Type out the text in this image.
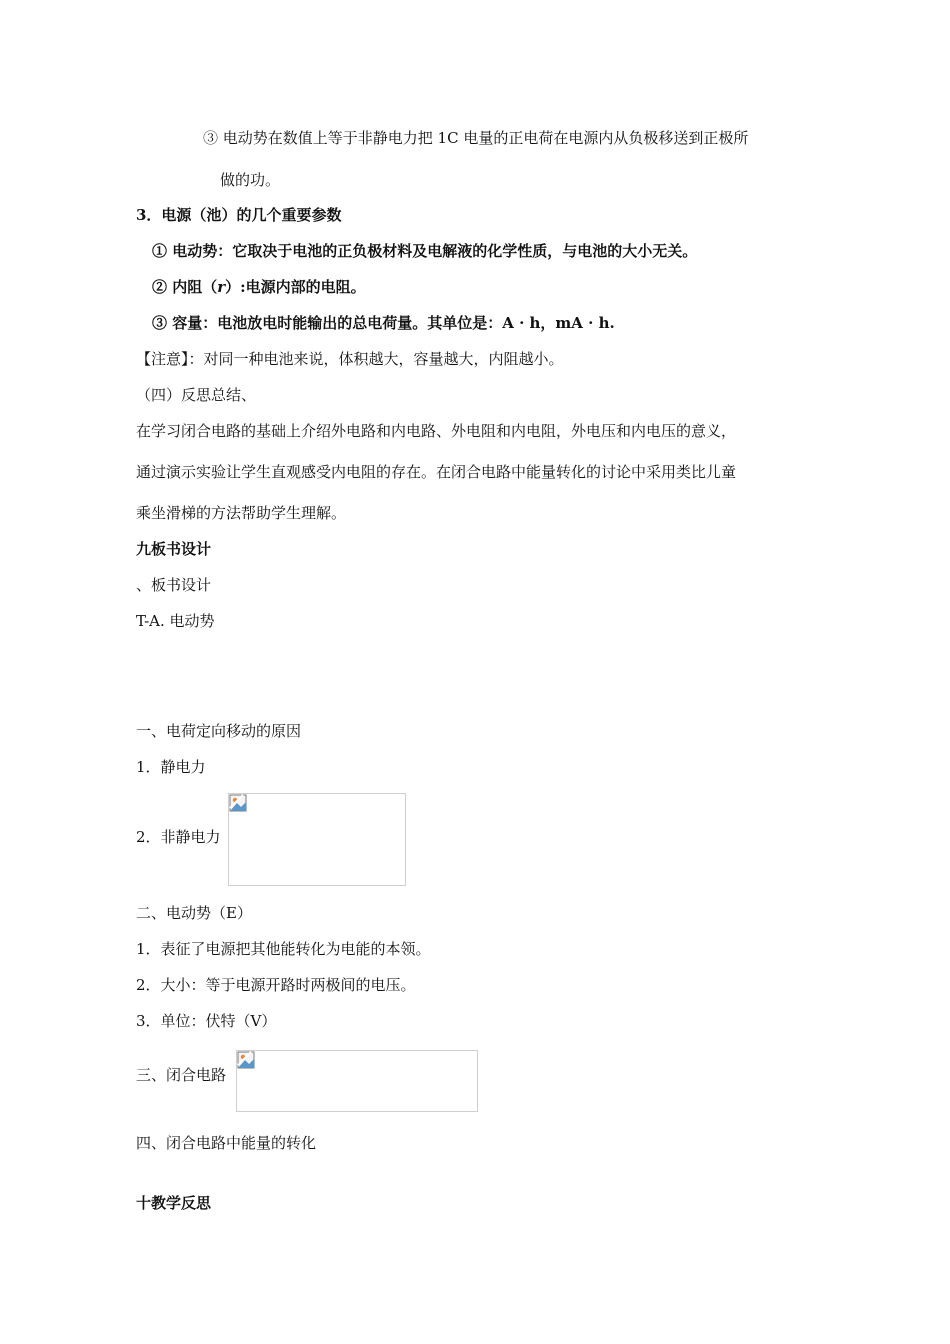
③ 电动势在数值上等于非静电力把 1C 电量的正电荷在电源内从负极移送到正极所
做的功。
3．电源（池）的几个重要参数
① 电动势：它取决于电池的正负极材料及电解液的化学性质，与电池的大小无关。
② 内阻（r）:电源内部的电阻。
③ 容量：电池放电时能输出的总电荷量。其单位是：A · h，mA · h.
【注意】：对同一种电池来说，体积越大，容量越大，内阻越小。
（四）反思总结、
在学习闭合电路的基础上介绍外电路和内电路、外电阻和内电阻，外电压和内电压的意义，
通过演示实验让学生直观感受内电阻的存在。在闭合电路中能量转化的讨论中采用类比儿童
乘坐滑梯的方法帮助学生理解。
九板书设计
、板书设计
T-A. 电动势
一、电荷定向移动的原因
1．静电力
2．非静电力
二、电动势（E）
1．表征了电源把其他能转化为电能的本领。
2．大小：等于电源开路时两极间的电压。
3．单位：伏特（V）
三、闭合电路
四、闭合电路中能量的转化
十教学反思
